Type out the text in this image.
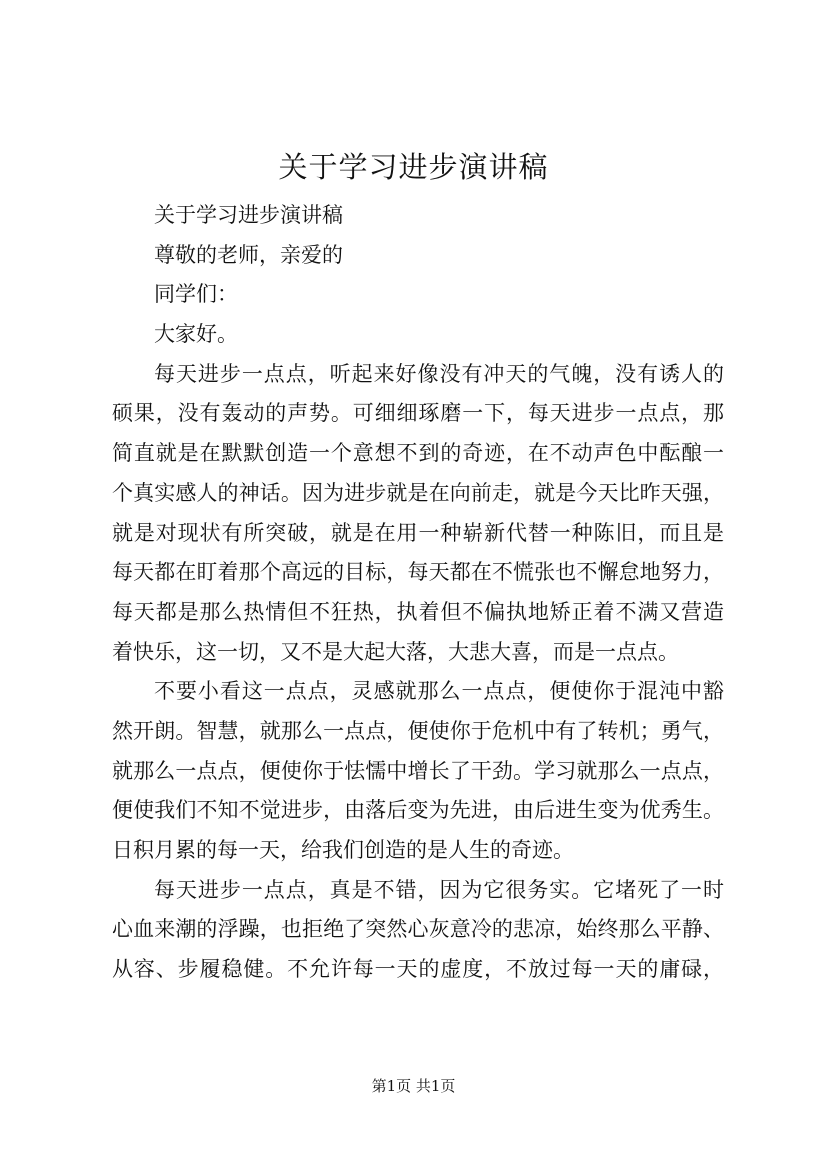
关于学习进步演讲稿

关于学习进步演讲稿

尊敬的老师，亲爱的

同学们：

大家好。

每天进步一点点，听起来好像没有冲天的气魄，没有诱人的

硕果，没有轰动的声势。可细细琢磨一下，每天进步一点点，那

简直就是在默默创造一个意想不到的奇迹，在不动声色中酝酿一

个真实感人的神话。因为进步就是在向前走，就是今天比昨天强，

就是对现状有所突破，就是在用一种崭新代替一种陈旧，而且是

每天都在盯着那个高远的目标，每天都在不慌张也不懈怠地努力，

每天都是那么热情但不狂热，执着但不偏执地矫正着不满又营造

着快乐，这一切，又不是大起大落，大悲大喜，而是一点点。

不要小看这一点点，灵感就那么一点点，便使你于混沌中豁

然开朗。智慧，就那么一点点，便使你于危机中有了转机；勇气，

就那么一点点，便使你于怯懦中增长了干劲。学习就那么一点点，

便使我们不知不觉进步，由落后变为先进，由后进生变为优秀生。

日积月累的每一天，给我们创造的是人生的奇迹。

每天进步一点点，真是不错，因为它很务实。它堵死了一时

心血来潮的浮躁，也拒绝了突然心灰意冷的悲凉，始终那么平静、

从容、步履稳健。不允许每一天的虚度，不放过每一天的庸碌，

第1页 共1页
